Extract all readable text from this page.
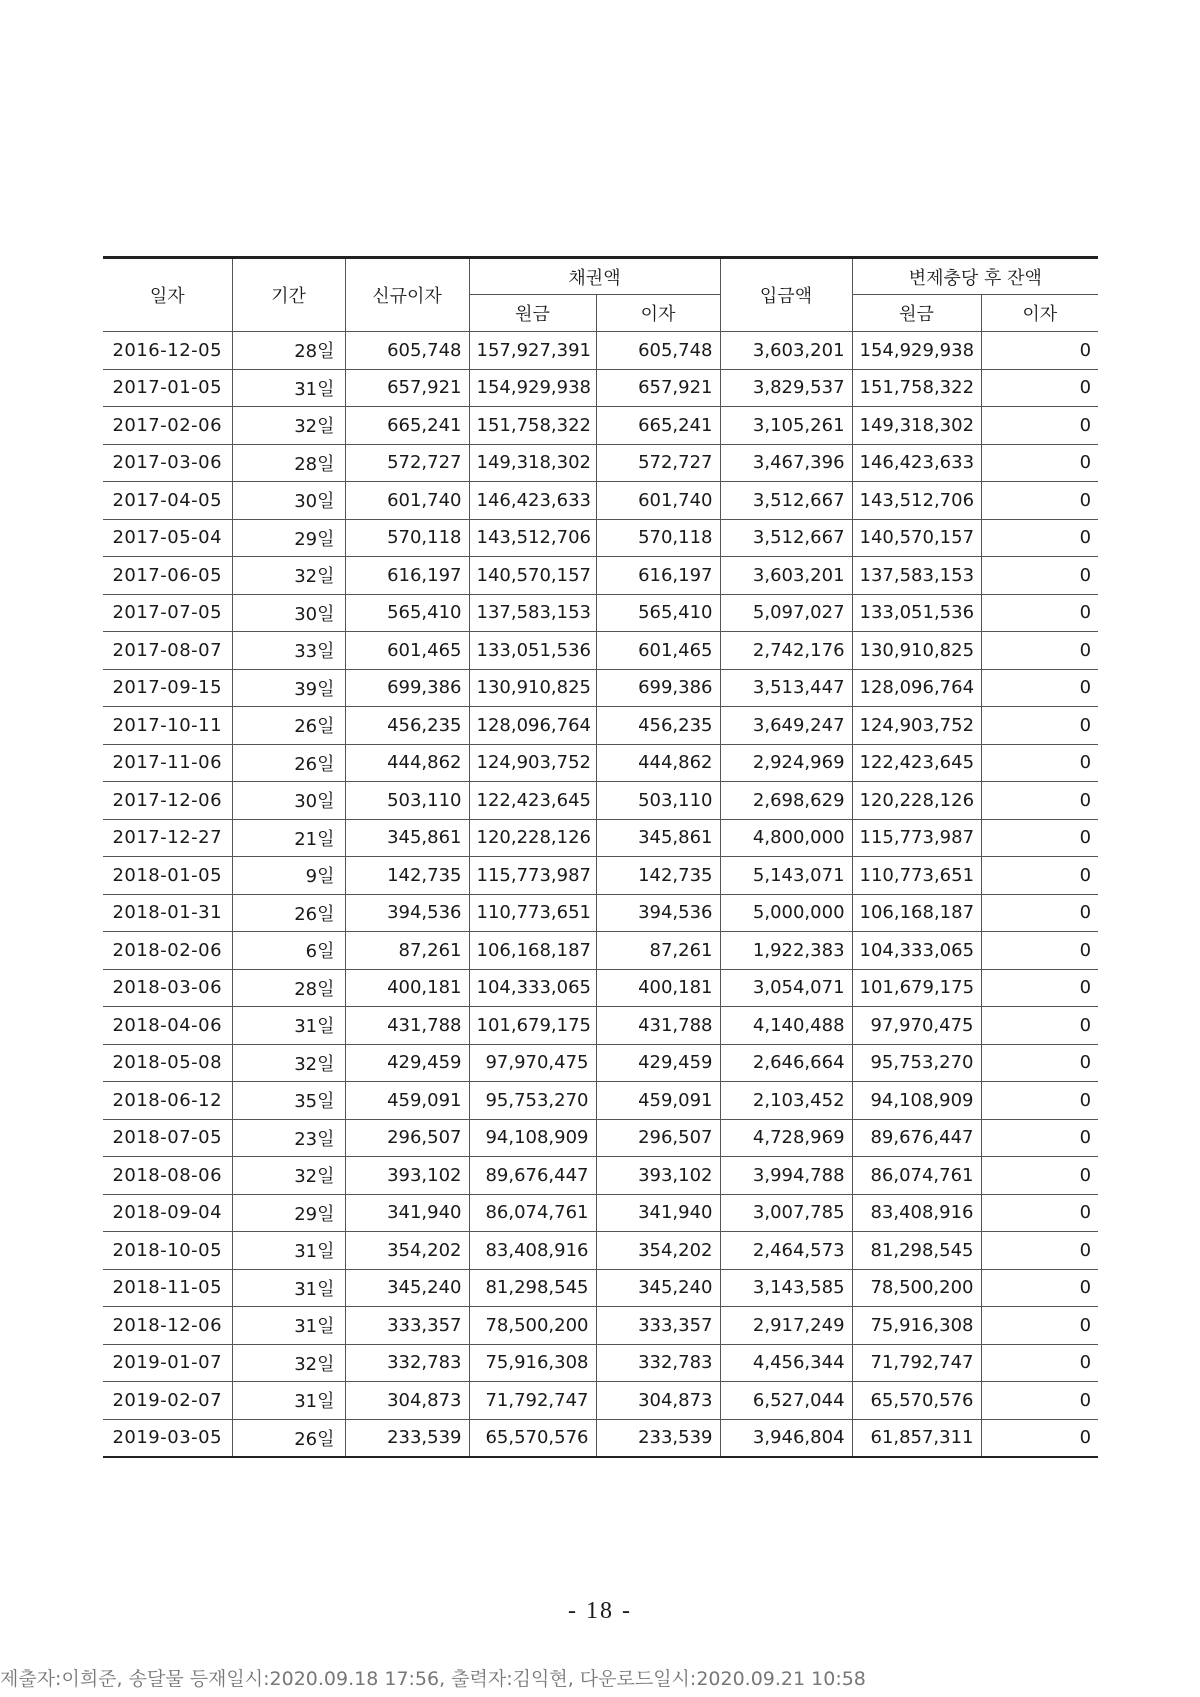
일자	기간	신규이자	채권액		입금액	변제충당 후 잔액	
			원금	이자		원금	이자
2016-12-05	28일	605,748	157,927,391	605,748	3,603,201	154,929,938	0
2017-01-05	31일	657,921	154,929,938	657,921	3,829,537	151,758,322	0
2017-02-06	32일	665,241	151,758,322	665,241	3,105,261	149,318,302	0
2017-03-06	28일	572,727	149,318,302	572,727	3,467,396	146,423,633	0
2017-04-05	30일	601,740	146,423,633	601,740	3,512,667	143,512,706	0
2017-05-04	29일	570,118	143,512,706	570,118	3,512,667	140,570,157	0
2017-06-05	32일	616,197	140,570,157	616,197	3,603,201	137,583,153	0
2017-07-05	30일	565,410	137,583,153	565,410	5,097,027	133,051,536	0
2017-08-07	33일	601,465	133,051,536	601,465	2,742,176	130,910,825	0
2017-09-15	39일	699,386	130,910,825	699,386	3,513,447	128,096,764	0
2017-10-11	26일	456,235	128,096,764	456,235	3,649,247	124,903,752	0
2017-11-06	26일	444,862	124,903,752	444,862	2,924,969	122,423,645	0
2017-12-06	30일	503,110	122,423,645	503,110	2,698,629	120,228,126	0
2017-12-27	21일	345,861	120,228,126	345,861	4,800,000	115,773,987	0
2018-01-05	9일	142,735	115,773,987	142,735	5,143,071	110,773,651	0
2018-01-31	26일	394,536	110,773,651	394,536	5,000,000	106,168,187	0
2018-02-06	6일	87,261	106,168,187	87,261	1,922,383	104,333,065	0
2018-03-06	28일	400,181	104,333,065	400,181	3,054,071	101,679,175	0
2018-04-06	31일	431,788	101,679,175	431,788	4,140,488	97,970,475	0
2018-05-08	32일	429,459	97,970,475	429,459	2,646,664	95,753,270	0
2018-06-12	35일	459,091	95,753,270	459,091	2,103,452	94,108,909	0
2018-07-05	23일	296,507	94,108,909	296,507	4,728,969	89,676,447	0
2018-08-06	32일	393,102	89,676,447	393,102	3,994,788	86,074,761	0
2018-09-04	29일	341,940	86,074,761	341,940	3,007,785	83,408,916	0
2018-10-05	31일	354,202	83,408,916	354,202	2,464,573	81,298,545	0
2018-11-05	31일	345,240	81,298,545	345,240	3,143,585	78,500,200	0
2018-12-06	31일	333,357	78,500,200	333,357	2,917,249	75,916,308	0
2019-01-07	32일	332,783	75,916,308	332,783	4,456,344	71,792,747	0
2019-02-07	31일	304,873	71,792,747	304,873	6,527,044	65,570,576	0
2019-03-05	26일	233,539	65,570,576	233,539	3,946,804	61,857,311	0
- 18 -
제출자:이희준, 송달물 등재일시:2020.09.18 17:56, 출력자:김익현, 다운로드일시:2020.09.21 10:58
